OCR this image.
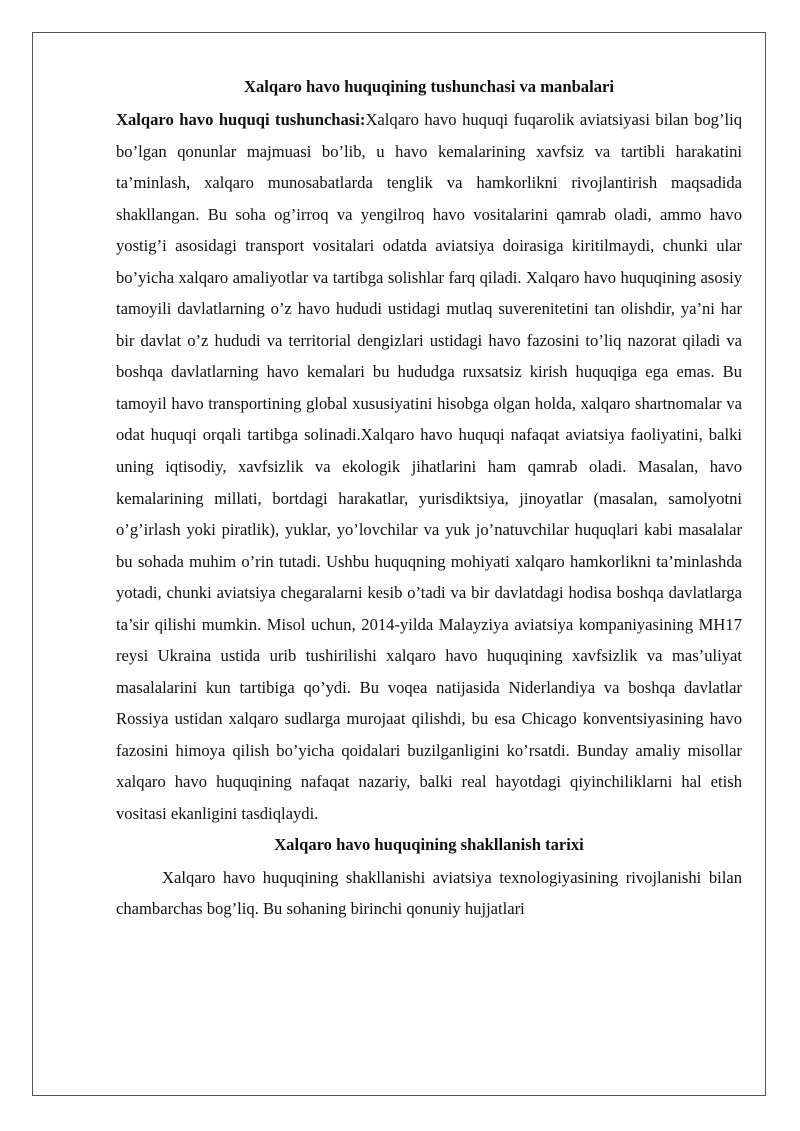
Xalqaro havo huquqining tushunchasi va manbalari

Xalqaro havo huquqi tushunchasi:Xalqaro havo huquqi fuqarolik aviatsiyasi bilan bog’liq bo’lgan qonunlar majmuasi bo’lib, u havo kemalarining xavfsiz va tartibli harakatini ta’minlash, xalqaro munosabatlarda tenglik va hamkorlikni rivojlantirish maqsadida shakllangan. Bu soha og’irroq va yengilroq havo vositalarini qamrab oladi, ammo havo yostig’i asosidagi transport vositalari odatda aviatsiya doirasiga kiritilmaydi, chunki ular bo’yicha xalqaro amaliyotlar va tartibga solishlar farq qiladi. Xalqaro havo huquqining asosiy tamoyili davlatlarning o’z havo hududi ustidagi mutlaq suverenitetini tan olishdir, ya’ni har bir davlat o’z hududi va territorial dengizlari ustidagi havo fazosini to’liq nazorat qiladi va boshqa davlatlarning havo kemalari bu hududga ruxsatsiz kirish huquqiga ega emas. Bu tamoyil havo transportining global xususiyatini hisobga olgan holda, xalqaro shartnomalar va odat huquqi orqali tartibga solinadi.Xalqaro havo huquqi nafaqat aviatsiya faoliyatini, balki uning iqtisodiy, xavfsizlik va ekologik jihatlarini ham qamrab oladi. Masalan, havo kemalarining millati, bortdagi harakatlar, yurisdiktsiya, jinoyatlar (masalan, samolyotni o’g’irlash yoki piratlik), yuklar, yo’lovchilar va yuk jo’natuvchilar huquqlari kabi masalalar bu sohada muhim o’rin tutadi. Ushbu huquqning mohiyati xalqaro hamkorlikni ta’minlashda yotadi, chunki aviatsiya chegaralarni kesib o’tadi va bir davlatdagi hodisa boshqa davlatlarga ta’sir qilishi mumkin. Misol uchun, 2014-yilda Malayziya aviatsiya kompaniyasining MH17 reysi Ukraina ustida urib tushirilishi xalqaro havo huquqining xavfsizlik va mas’uliyat masalalarini kun tartibiga qo’ydi. Bu voqea natijasida Niderlandiya va boshqa davlatlar Rossiya ustidan xalqaro sudlarga murojaat qilishdi, bu esa Chicago konventsiyasining havo fazosini himoya qilish bo’yicha qoidalari buzilganligini ko’rsatdi. Bunday amaliy misollar xalqaro havo huquqining nafaqat nazariy, balki real hayotdagi qiyinchiliklarni hal etish vositasi ekanligini tasdiqlaydi.

Xalqaro havo huquqining shakllanish tarixi

Xalqaro havo huquqining shakllanishi aviatsiya texnologiyasining rivojlanishi bilan chambarchas bog’liq. Bu sohaning birinchi qonuniy hujjatlari
